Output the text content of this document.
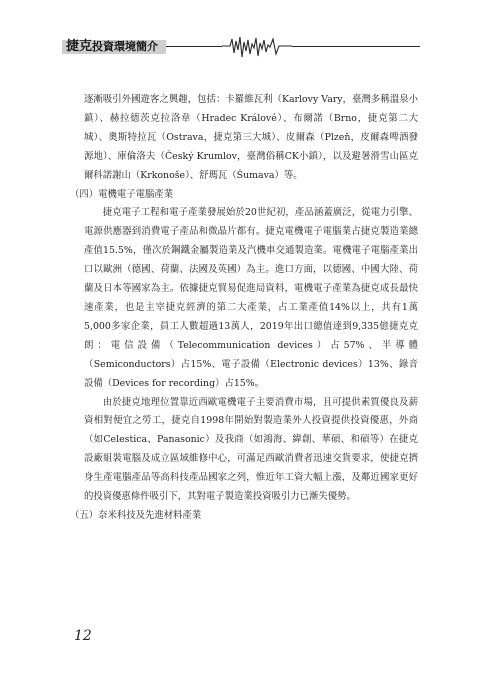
捷克投資環境簡介

逐漸吸引外國遊客之興趣，包括：卡羅維瓦利（Karlovy Vary，臺灣多稱溫泉小鎮）、赫拉德茨克拉洛韋（Hradec Králové）、布爾諾（Brno，捷克第二大城）、奧斯特拉瓦（Ostrava，捷克第三大城）、皮爾森（Plzeň，皮爾森啤酒發源地）、庫倫洛夫（Český Krumlov，臺灣俗稱CK小鎮），以及避暑滑雪山區克爾科諾謝山（Krkonoše）、舒瑪瓦（Šumava）等。

（四）電機電子電腦產業

捷克電子工程和電子產業發展始於20世紀初，產品涵蓋廣泛，從電力引擎、電源供應器到消費電子產品和微晶片都有。捷克電機電子電腦業占捷克製造業總產值15.5%，僅次於鋼鐵金屬製造業及汽機車交通製造業。電機電子電腦產業出口以歐洲（德國、荷蘭、法國及英國）為主。進口方面，以德國、中國大陸、荷蘭及日本等國家為主。依據捷克貿易促進局資料，電機電子產業為捷克成長最快速產業，也是主宰捷克經濟的第二大產業，占工業產值14%以上，共有1萬5,000多家企業，員工人數超過13萬人，2019年出口總值達到9,335億捷克克朗：電信設備（Telecommunication devices）占57%、半導體（Semiconductors）占15%、電子設備（Electronic devices）13%、錄音設備（Devices for recording）占15%。

由於捷克地理位置靠近西歐電機電子主要消費市場，且可提供素質優良及薪資相對便宜之勞工，捷克自1998年開始對製造業外人投資提供投資優惠，外商（如Celestica、Panasonic）及我商（如鴻海、緯創、華碩、和碩等）在捷克設廠組裝電腦及成立區域維修中心，可滿足西歐消費者迅速交貨要求，使捷克擠身生產電腦產品等高科技產品國家之列，惟近年工資大幅上漲，及鄰近國家更好的投資優惠條件吸引下，其對電子製造業投資吸引力已漸失優勢。

（五）奈米科技及先進材料產業

12
